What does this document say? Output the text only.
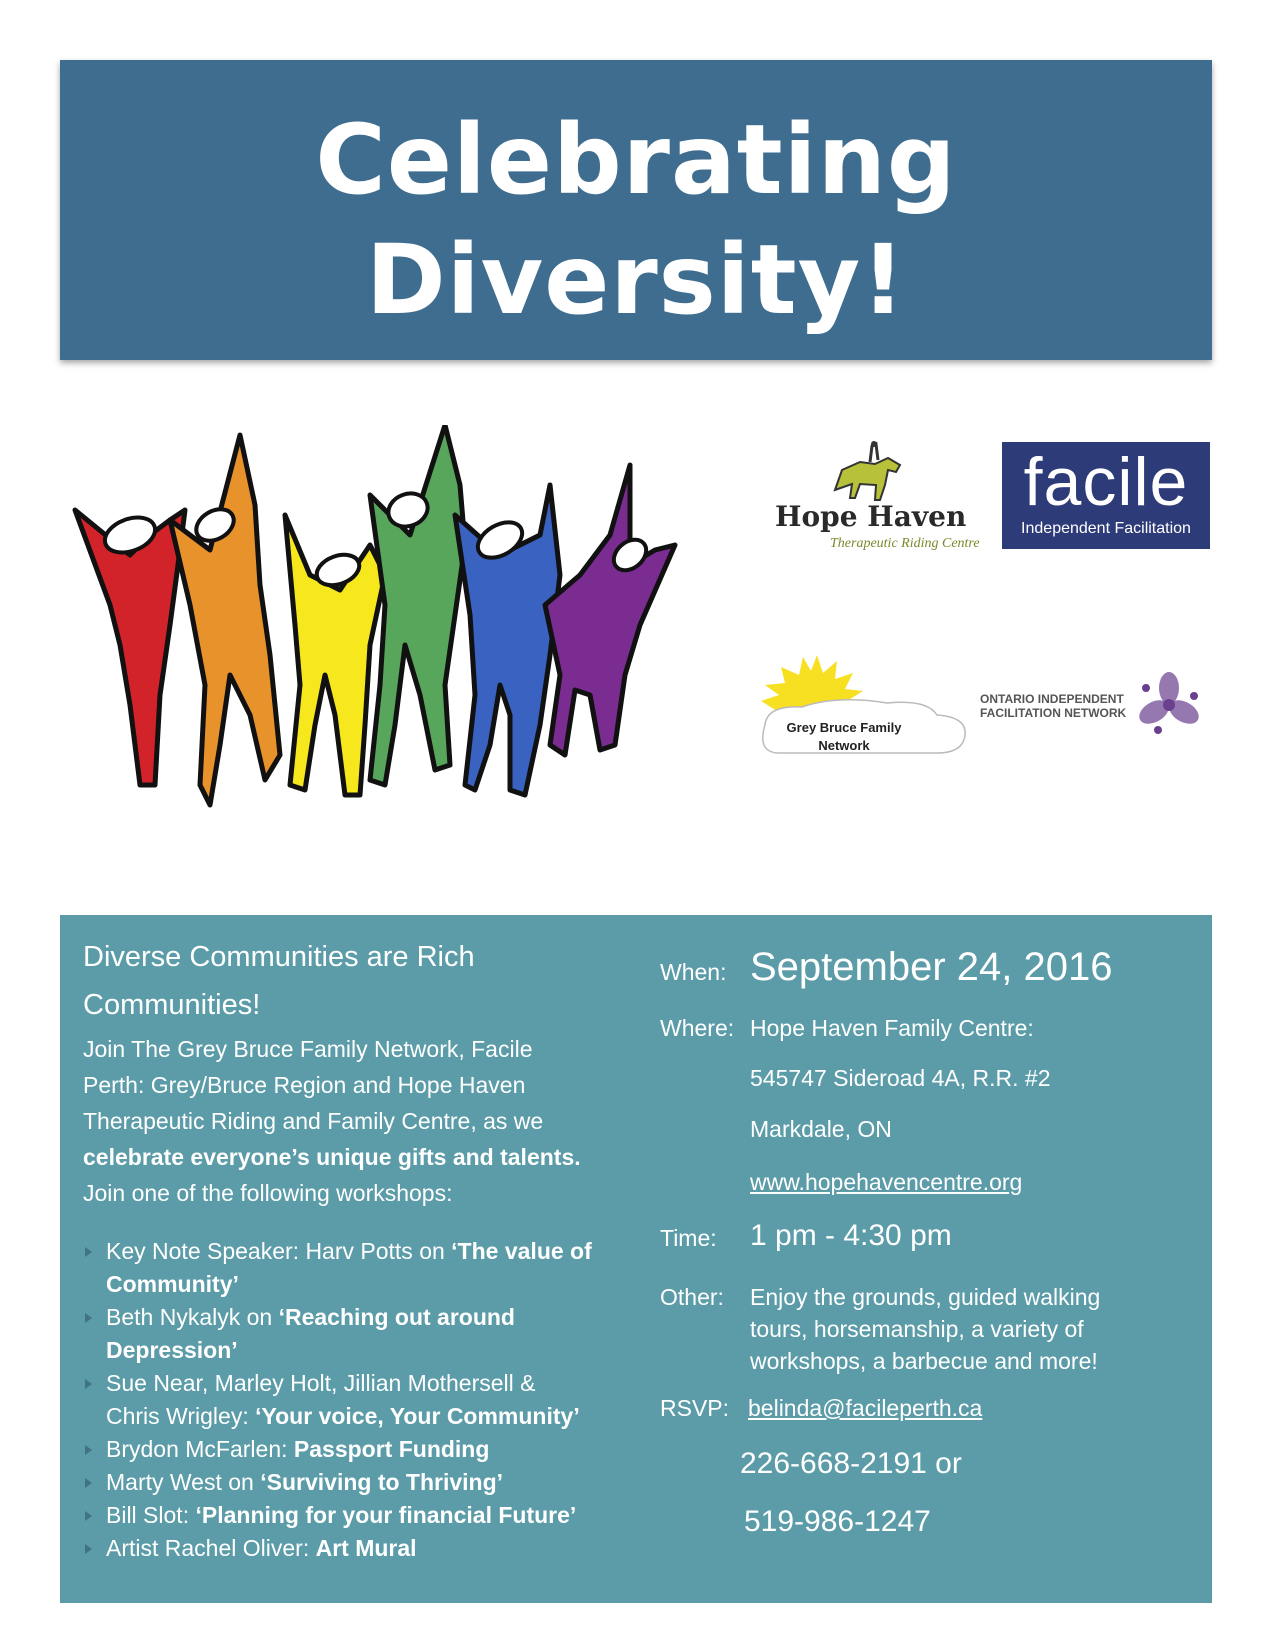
Celebrating
Diversity!
Hope Haven
Therapeutic Riding Centre
facile
Independent Facilitation
Grey Bruce Family
Network
ONTARIO INDEPENDENT
FACILITATION NETWORK
Diverse Communities are Rich
Communities!
Join The Grey Bruce Family Network, Facile
Perth: Grey/Bruce Region and Hope Haven
Therapeutic Riding and Family Centre, as we
celebrate everyone’s unique gifts and talents.
Join one of the following workshops:
Key Note Speaker: Harv Potts on ‘The value of
Community’
Beth Nykalyk on ‘Reaching out around
Depression’
Sue Near, Marley Holt, Jillian Mothersell &
Chris Wrigley: ‘Your voice, Your Community’
Brydon McFarlen: Passport Funding
Marty West on ‘Surviving to Thriving’
Bill Slot: ‘Planning for your financial Future’
Artist Rachel Oliver: Art Mural
When: September 24, 2016
Where: Hope Haven Family Centre:
545747 Sideroad 4A, R.R. #2
Markdale, ON
www.hopehavencentre.org
Time: 1 pm - 4:30 pm
Other: Enjoy the grounds, guided walking
tours, horsemanship, a variety of
workshops, a barbecue and more!
RSVP: belinda@facileperth.ca
226-668-2191 or
519-986-1247
